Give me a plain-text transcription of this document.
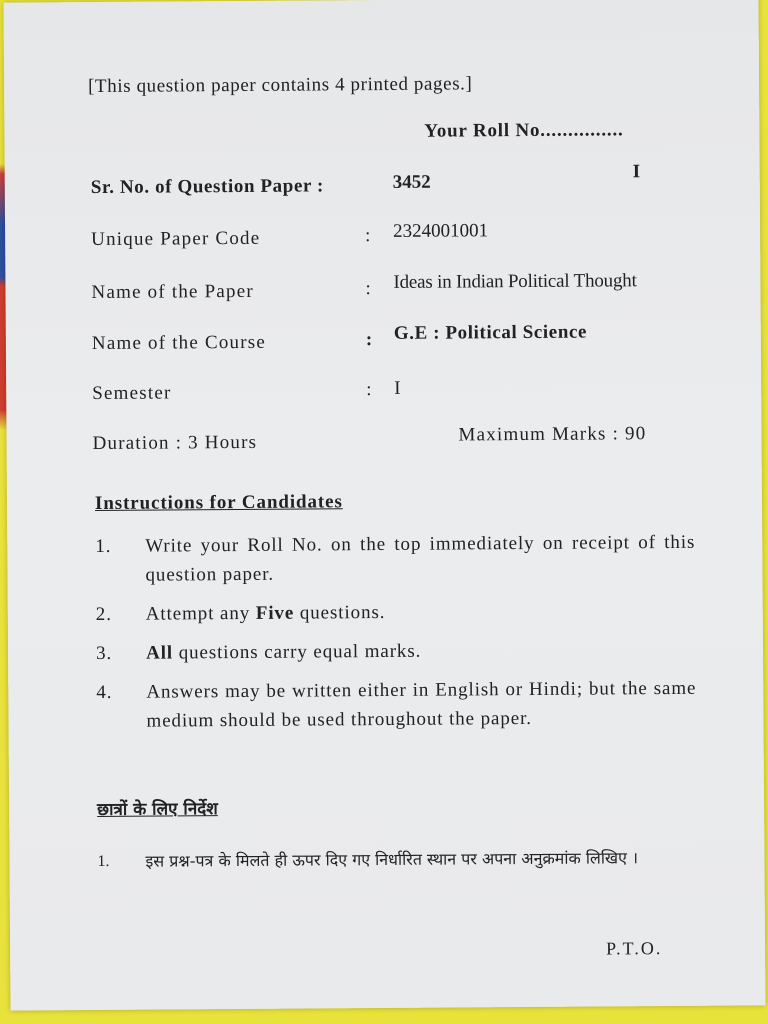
[This question paper contains 4 printed pages.]
Your Roll No...............
I
Sr. No. of Question Paper :	3452
Unique Paper Code	: 2324001001
Name of the Paper	: Ideas in Indian Political Thought
Name of the Course	: G.E : Political Science
Semester	: I
Duration : 3 Hours	Maximum Marks : 90
Instructions for Candidates
1.	Write your Roll No. on the top immediately on receipt of this question paper.
2.	Attempt any Five questions.
3.	All questions carry equal marks.
4.	Answers may be written either in English or Hindi; but the same medium should be used throughout the paper.
छात्रों के लिए निर्देश
1.	इस प्रश्न-पत्र के मिलते ही ऊपर दिए गए निर्धारित स्थान पर अपना अनुक्रमांक लिखिए ।
P.T.O.
